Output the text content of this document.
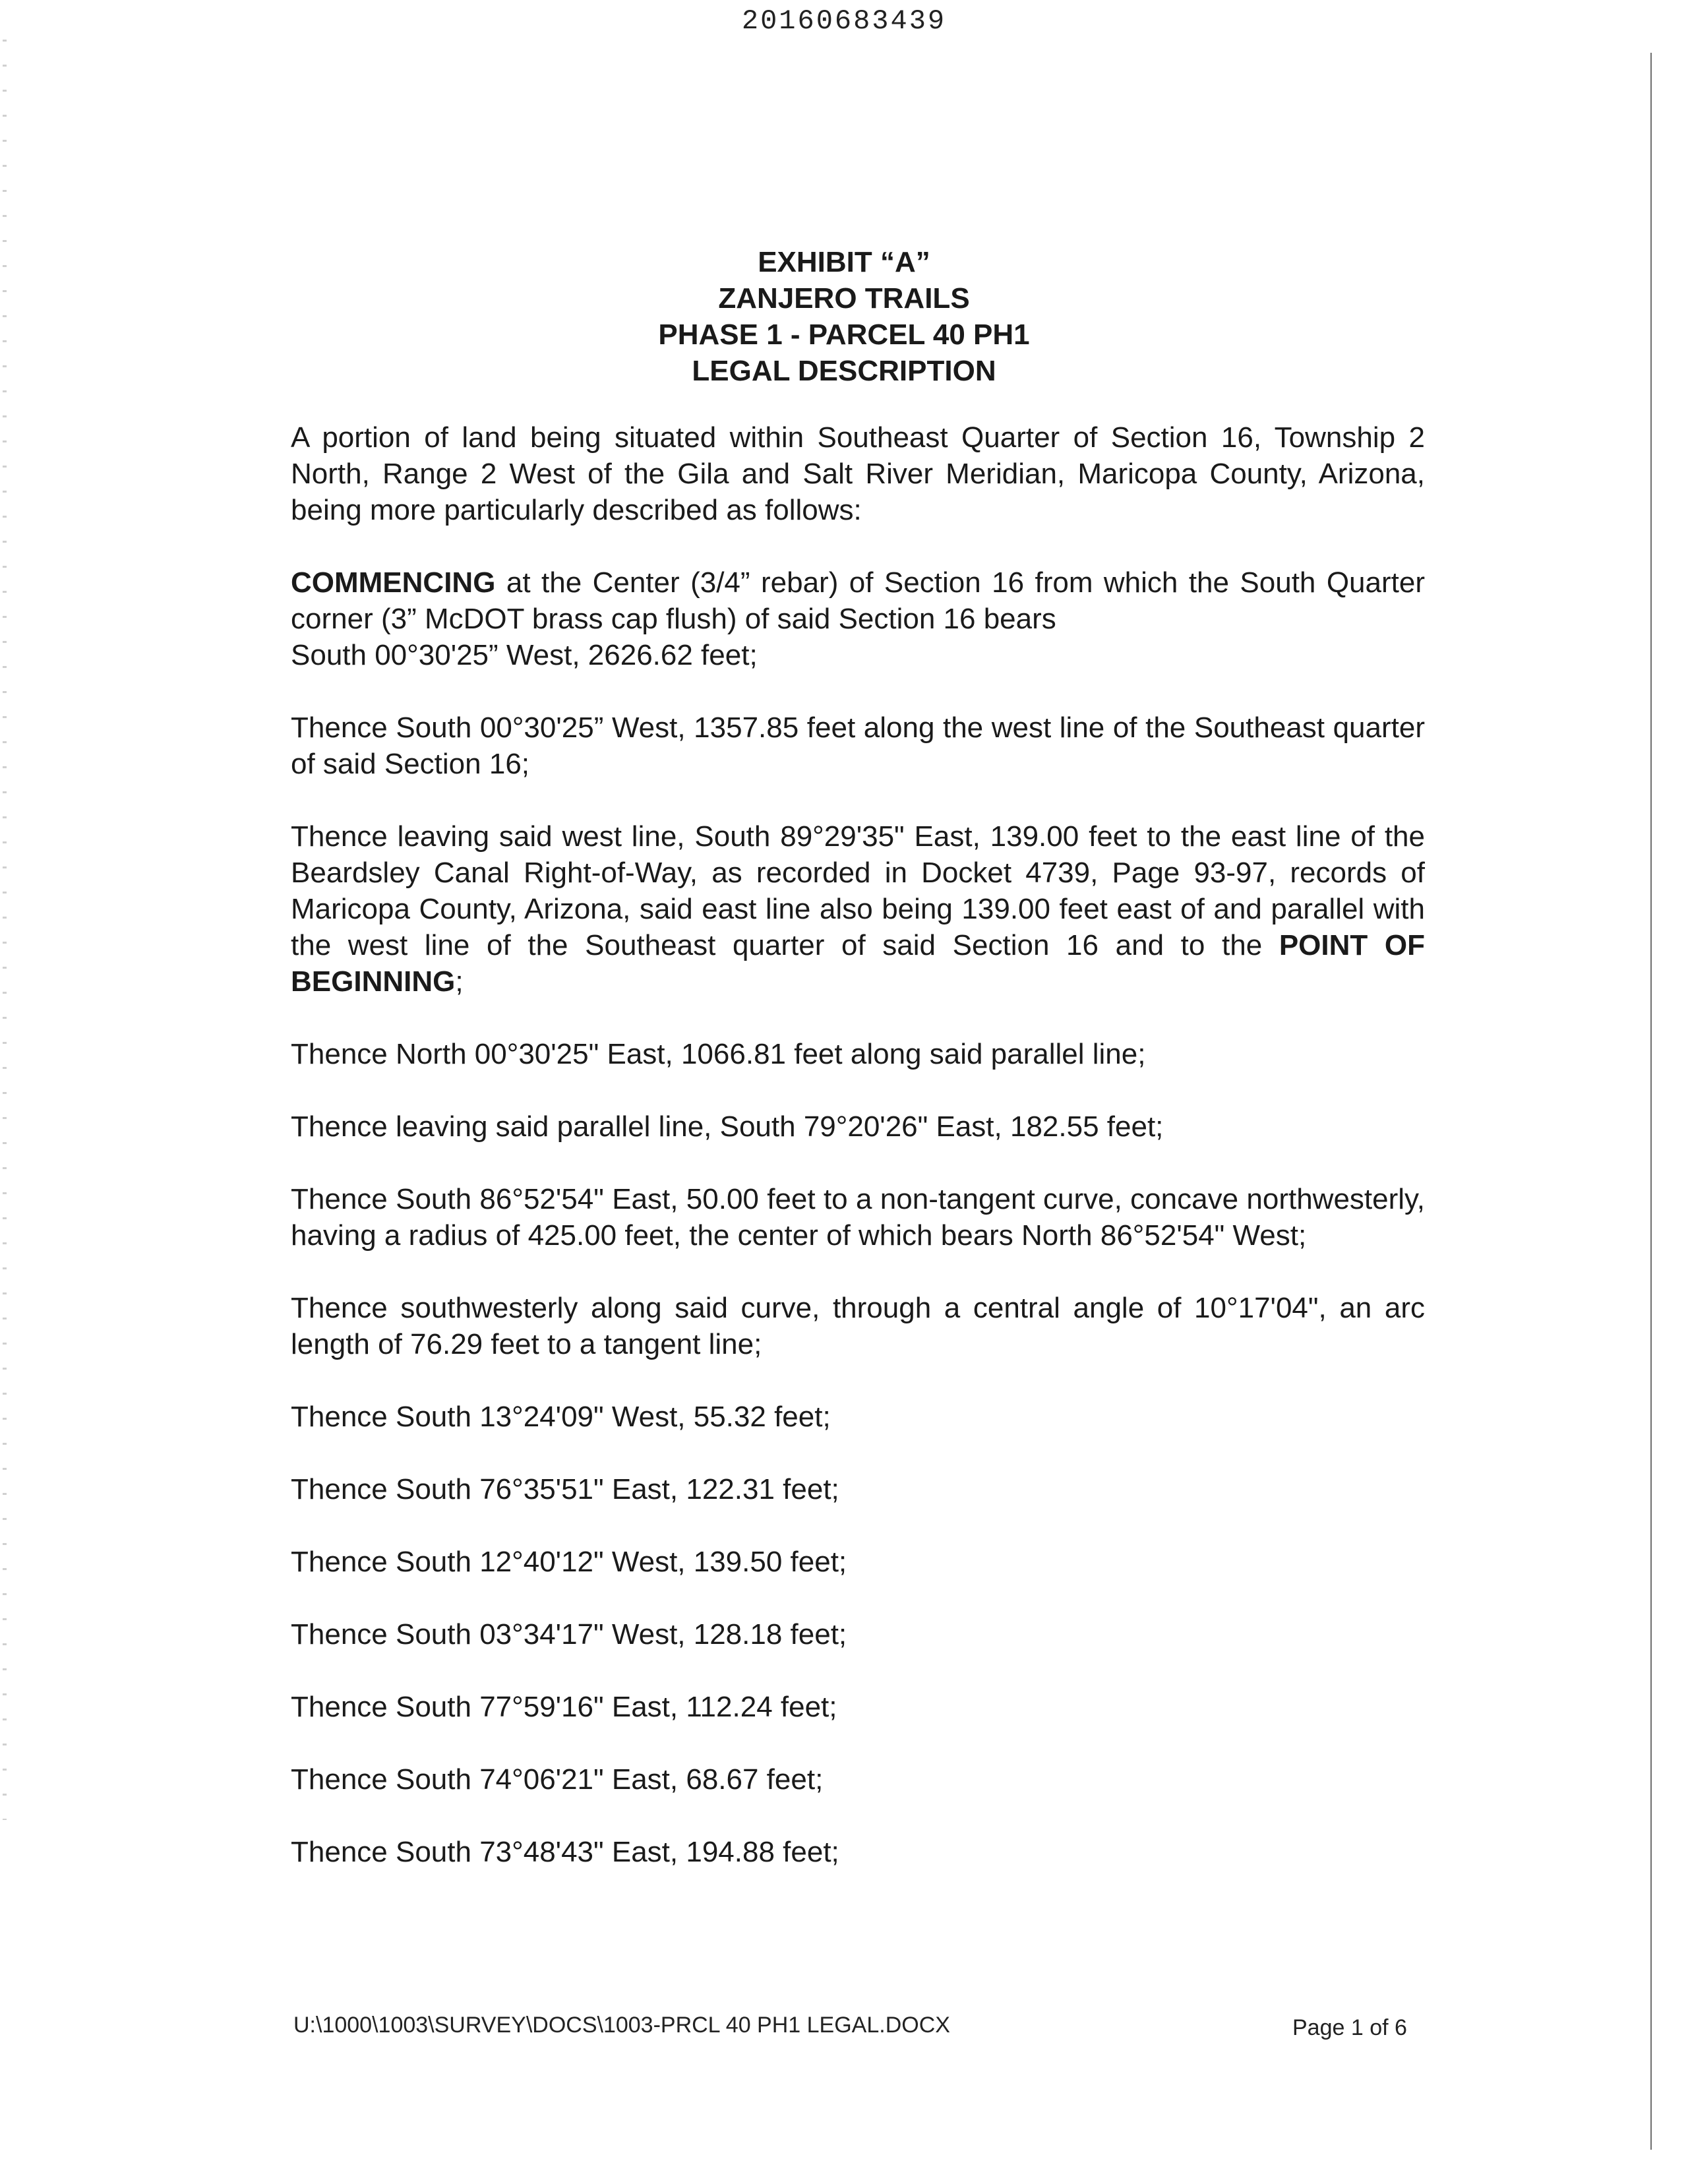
20160683439
EXHIBIT “A”
ZANJERO TRAILS
PHASE 1 - PARCEL 40 PH1
LEGAL DESCRIPTION

A portion of land being situated within Southeast Quarter of Section 16, Township 2 North, Range 2 West of the Gila and Salt River Meridian, Maricopa County, Arizona, being more particularly described as follows:

COMMENCING at the Center (3/4” rebar) of Section 16 from which the South Quarter corner (3” McDOT brass cap flush) of said Section 16 bears
South 00°30'25” West, 2626.62 feet;

Thence South 00°30'25” West, 1357.85 feet along the west line of the Southeast quarter of said Section 16;

Thence leaving said west line, South 89°29'35" East, 139.00 feet to the east line of the Beardsley Canal Right-of-Way, as recorded in Docket 4739, Page 93-97, records of Maricopa County, Arizona, said east line also being 139.00 feet east of and parallel with the west line of the Southeast quarter of said Section 16 and to the POINT OF BEGINNING;

Thence North 00°30'25" East, 1066.81 feet along said parallel line;

Thence leaving said parallel line, South 79°20'26" East, 182.55 feet;

Thence South 86°52'54" East, 50.00 feet to a non-tangent curve, concave northwesterly, having a radius of 425.00 feet, the center of which bears North 86°52'54" West;

Thence southwesterly along said curve, through a central angle of 10°17'04", an arc length of 76.29 feet to a tangent line;

Thence South 13°24'09" West, 55.32 feet;

Thence South 76°35'51" East, 122.31 feet;

Thence South 12°40'12" West, 139.50 feet;

Thence South 03°34'17" West, 128.18 feet;

Thence South 77°59'16" East, 112.24 feet;

Thence South 74°06'21" East, 68.67 feet;

Thence South 73°48'43" East, 194.88 feet;

U:\1000\1003\SURVEY\DOCS\1003-PRCL 40 PH1 LEGAL.DOCX	Page 1 of 6
